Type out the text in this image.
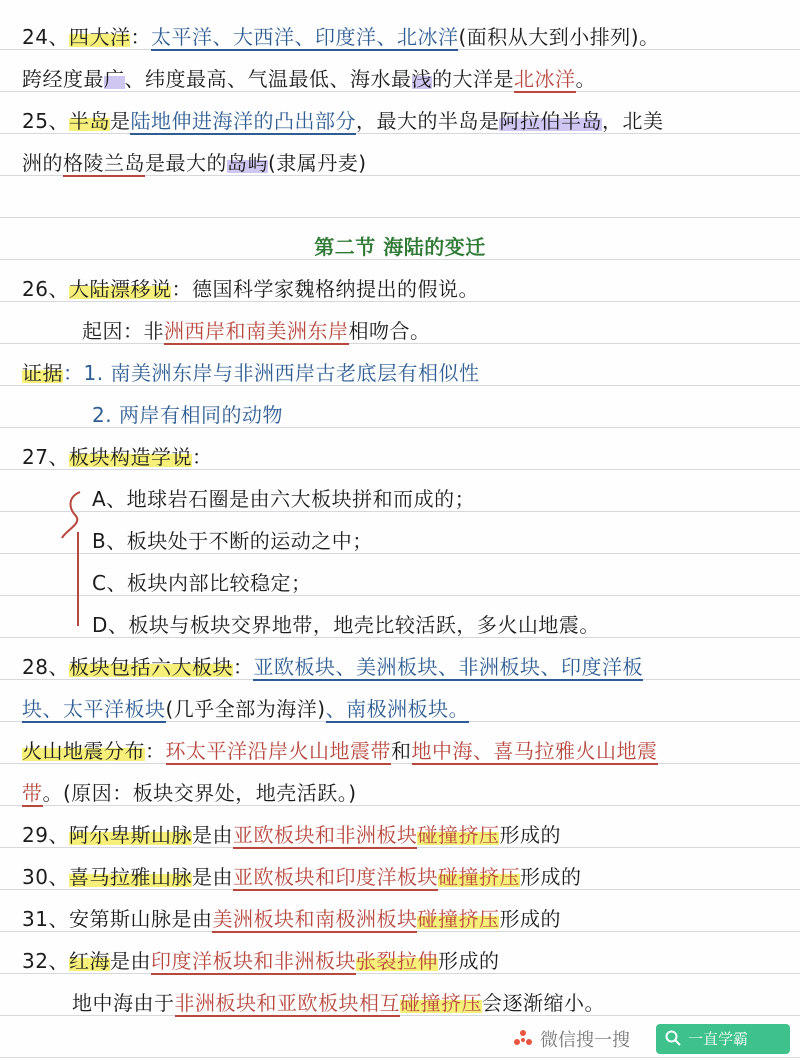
24、四大洋：太平洋、大西洋、印度洋、北冰洋(面积从大到小排列)。
跨经度最广、纬度最高、气温最低、海水最浅的大洋是北冰洋。
25、半岛是陆地伸进海洋的凸出部分，最大的半岛是阿拉伯半岛，北美
洲的格陵兰岛是最大的岛屿(隶属丹麦)
第二节 海陆的变迁
26、大陆漂移说：德国科学家魏格纳提出的假说。
起因：非洲西岸和南美洲东岸相吻合。
证据：1. 南美洲东岸与非洲西岸古老底层有相似性
2. 两岸有相同的动物
27、板块构造学说：
A、地球岩石圈是由六大板块拼和而成的；
B、板块处于不断的运动之中；
C、板块内部比较稳定；
D、板块与板块交界地带，地壳比较活跃，多火山地震。
28、板块包括六大板块：亚欧板块、美洲板块、非洲板块、印度洋板
块、太平洋板块(几乎全部为海洋)、南极洲板块。
火山地震分布：环太平洋沿岸火山地震带和地中海、喜马拉雅火山地震
带。(原因：板块交界处，地壳活跃。)
29、阿尔卑斯山脉是由亚欧板块和非洲板块碰撞挤压形成的
30、喜马拉雅山脉是由亚欧板块和印度洋板块碰撞挤压形成的
31、安第斯山脉是由美洲板块和南极洲板块碰撞挤压形成的
32、红海是由印度洋板块和非洲板块张裂拉伸形成的
地中海由于非洲板块和亚欧板块相互碰撞挤压会逐渐缩小。
微信搜一搜	一直学霸
